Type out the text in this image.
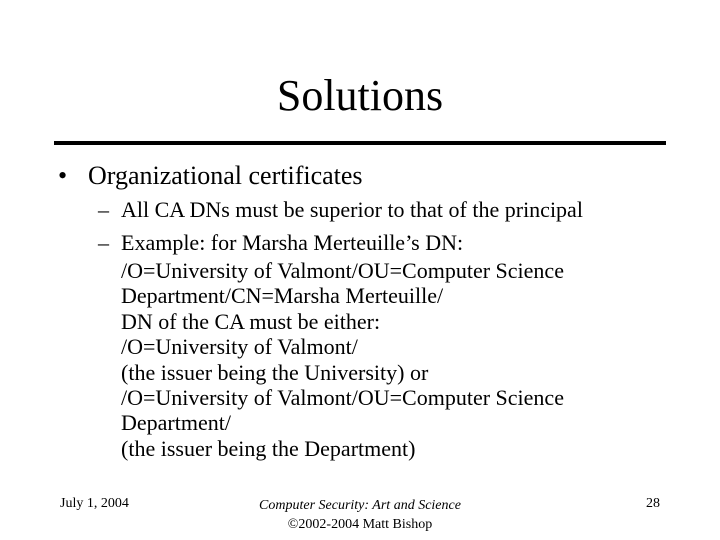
Solutions
• Organizational certificates
– All CA DNs must be superior to that of the principal
– Example: for Marsha Merteuille’s DN:
/O=University of Valmont/OU=Computer Science
Department/CN=Marsha Merteuille/
DN of the CA must be either:
/O=University of Valmont/
(the issuer being the University) or
/O=University of Valmont/OU=Computer Science
Department/
(the issuer being the Department)
July 1, 2004	Computer Security: Art and Science
©2002-2004 Matt Bishop
28
